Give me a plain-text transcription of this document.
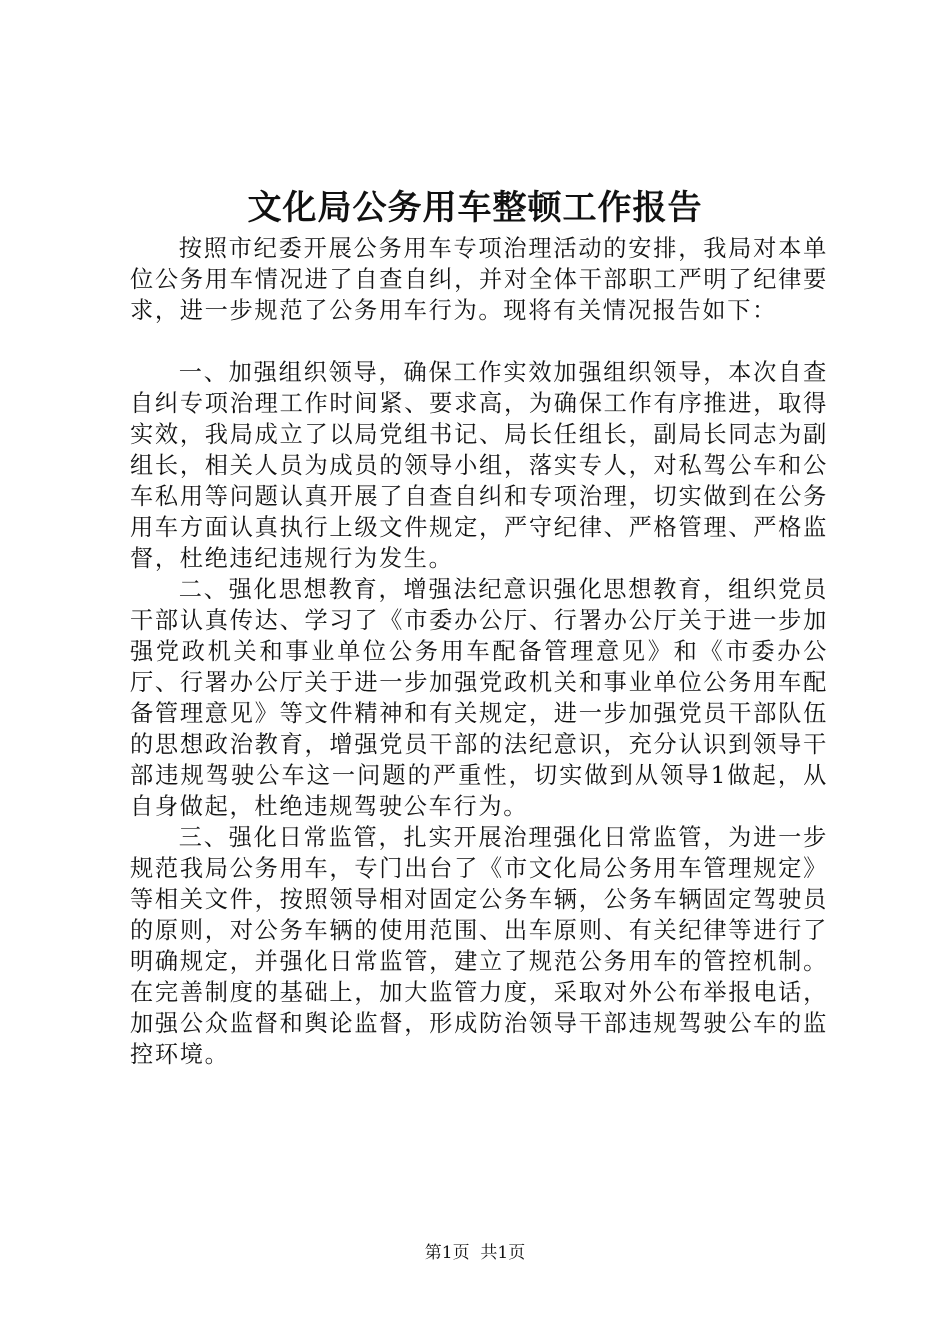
文化局公务用车整顿工作报告

按照市纪委开展公务用车专项治理活动的安排，我局对本单位公务用车情况进了自查自纠，并对全体干部职工严明了纪律要求，进一步规范了公务用车行为。现将有关情况报告如下：

一、加强组织领导，确保工作实效加强组织领导，本次自查自纠专项治理工作时间紧、要求高，为确保工作有序推进，取得实效，我局成立了以局党组书记、局长任组长，副局长同志为副组长，相关人员为成员的领导小组，落实专人，对私驾公车和公车私用等问题认真开展了自查自纠和专项治理，切实做到在公务用车方面认真执行上级文件规定，严守纪律、严格管理、严格监督，杜绝违纪违规行为发生。

二、强化思想教育，增强法纪意识强化思想教育，组织党员干部认真传达、学习了《市委办公厅、行署办公厅关于进一步加强党政机关和事业单位公务用车配备管理意见》和《市委办公厅、行署办公厅关于进一步加强党政机关和事业单位公务用车配备管理意见》等文件精神和有关规定，进一步加强党员干部队伍的思想政治教育，增强党员干部的法纪意识，充分认识到领导干部违规驾驶公车这一问题的严重性，切实做到从领导1做起，从自身做起，杜绝违规驾驶公车行为。

三、强化日常监管，扎实开展治理强化日常监管，为进一步规范我局公务用车，专门出台了《市文化局公务用车管理规定》等相关文件，按照领导相对固定公务车辆，公务车辆固定驾驶员的原则，对公务车辆的使用范围、出车原则、有关纪律等进行了明确规定，并强化日常监管，建立了规范公务用车的管控机制。在完善制度的基础上，加大监管力度，采取对外公布举报电话，加强公众监督和舆论监督，形成防治领导干部违规驾驶公车的监控环境。

第1页  共1页
